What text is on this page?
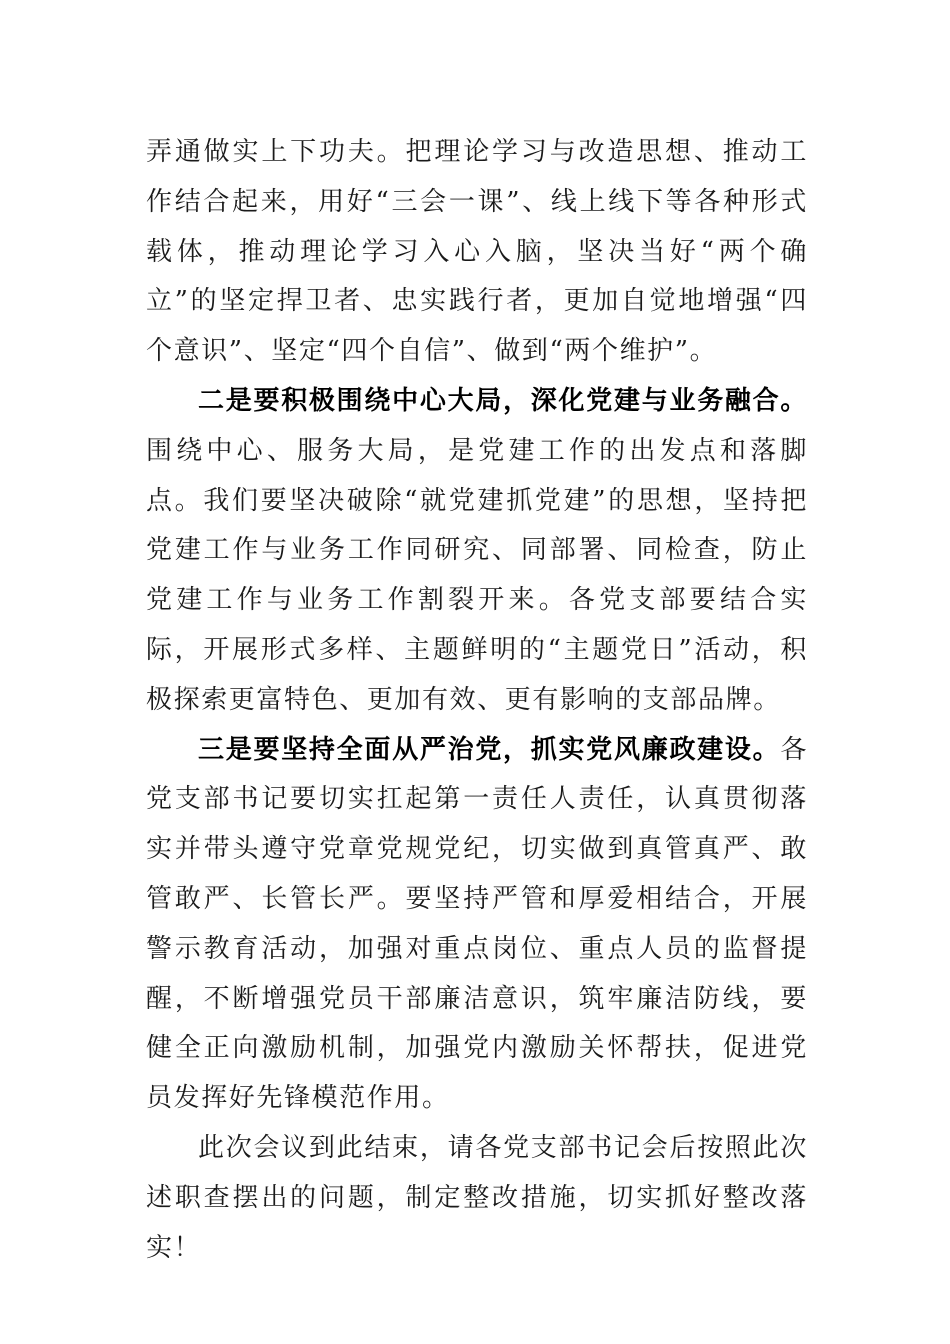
弄通做实上下功夫。把理论学习与改造思想、推动工作结合起来，用好“三会一课”、线上线下等各种形式载体，推动理论学习入心入脑，坚决当好“两个确立”的坚定捍卫者、忠实践行者，更加自觉地增强“四个意识”、坚定“四个自信”、做到“两个维护”。

二是要积极围绕中心大局，深化党建与业务融合。围绕中心、服务大局，是党建工作的出发点和落脚点。我们要坚决破除“就党建抓党建”的思想，坚持把党建工作与业务工作同研究、同部署、同检查，防止党建工作与业务工作割裂开来。各党支部要结合实际，开展形式多样、主题鲜明的“主题党日”活动，积极探索更富特色、更加有效、更有影响的支部品牌。

三是要坚持全面从严治党，抓实党风廉政建设。各党支部书记要切实扛起第一责任人责任，认真贯彻落实并带头遵守党章党规党纪，切实做到真管真严、敢管敢严、长管长严。要坚持严管和厚爱相结合，开展警示教育活动，加强对重点岗位、重点人员的监督提醒，不断增强党员干部廉洁意识，筑牢廉洁防线，要健全正向激励机制，加强党内激励关怀帮扶，促进党员发挥好先锋模范作用。

此次会议到此结束，请各党支部书记会后按照此次述职查摆出的问题，制定整改措施，切实抓好整改落实！
